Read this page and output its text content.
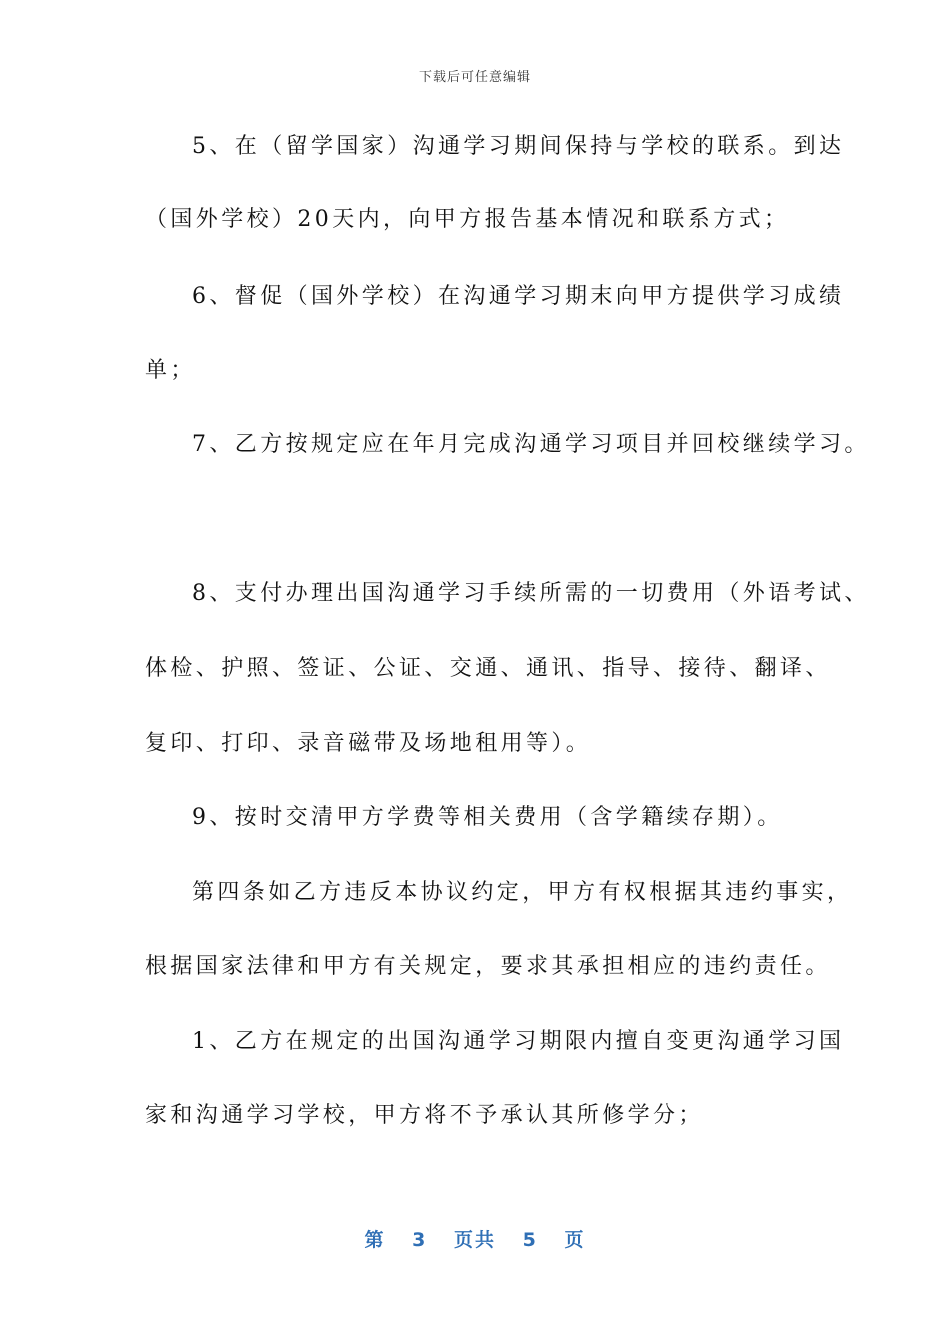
下载后可任意编辑
5、在（留学国家）沟通学习期间保持与学校的联系。到达
（国外学校）20天内，向甲方报告基本情况和联系方式；
6、督促（国外学校）在沟通学习期末向甲方提供学习成绩
单；
7、乙方按规定应在年月完成沟通学习项目并回校继续学习。
8、支付办理出国沟通学习手续所需的一切费用（外语考试、
体检、护照、签证、公证、交通、通讯、指导、接待、翻译、
复印、打印、录音磁带及场地租用等）。
9、按时交清甲方学费等相关费用（含学籍续存期）。
第四条如乙方违反本协议约定，甲方有权根据其违约事实，
根据国家法律和甲方有关规定，要求其承担相应的违约责任。
1、乙方在规定的出国沟通学习期限内擅自变更沟通学习国
家和沟通学习学校，甲方将不予承认其所修学分；
第 3 页共 5 页
